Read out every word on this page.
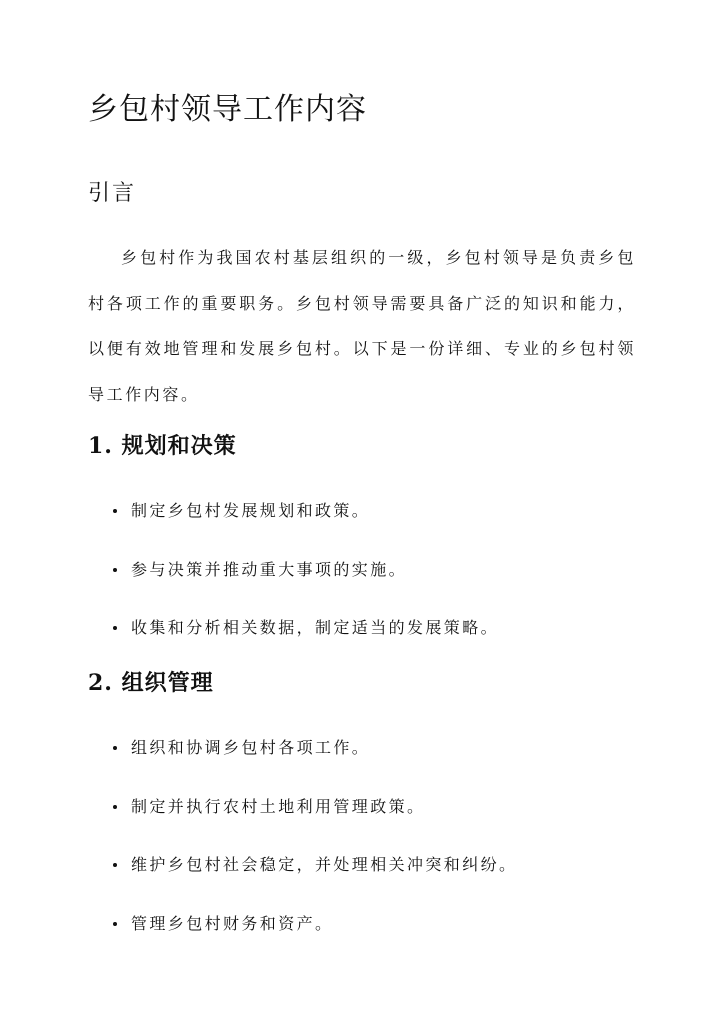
乡包村领导工作内容
引言

乡包村作为我国农村基层组织的一级，乡包村领导是负责乡包村各项工作的重要职务。乡包村领导需要具备广泛的知识和能力，以便有效地管理和发展乡包村。以下是一份详细、专业的乡包村领导工作内容。

1. 规划和决策
制定乡包村发展规划和政策。
参与决策并推动重大事项的实施。
收集和分析相关数据，制定适当的发展策略。
2. 组织管理
组织和协调乡包村各项工作。
制定并执行农村土地利用管理政策。
维护乡包村社会稳定，并处理相关冲突和纠纷。
管理乡包村财务和资产。
